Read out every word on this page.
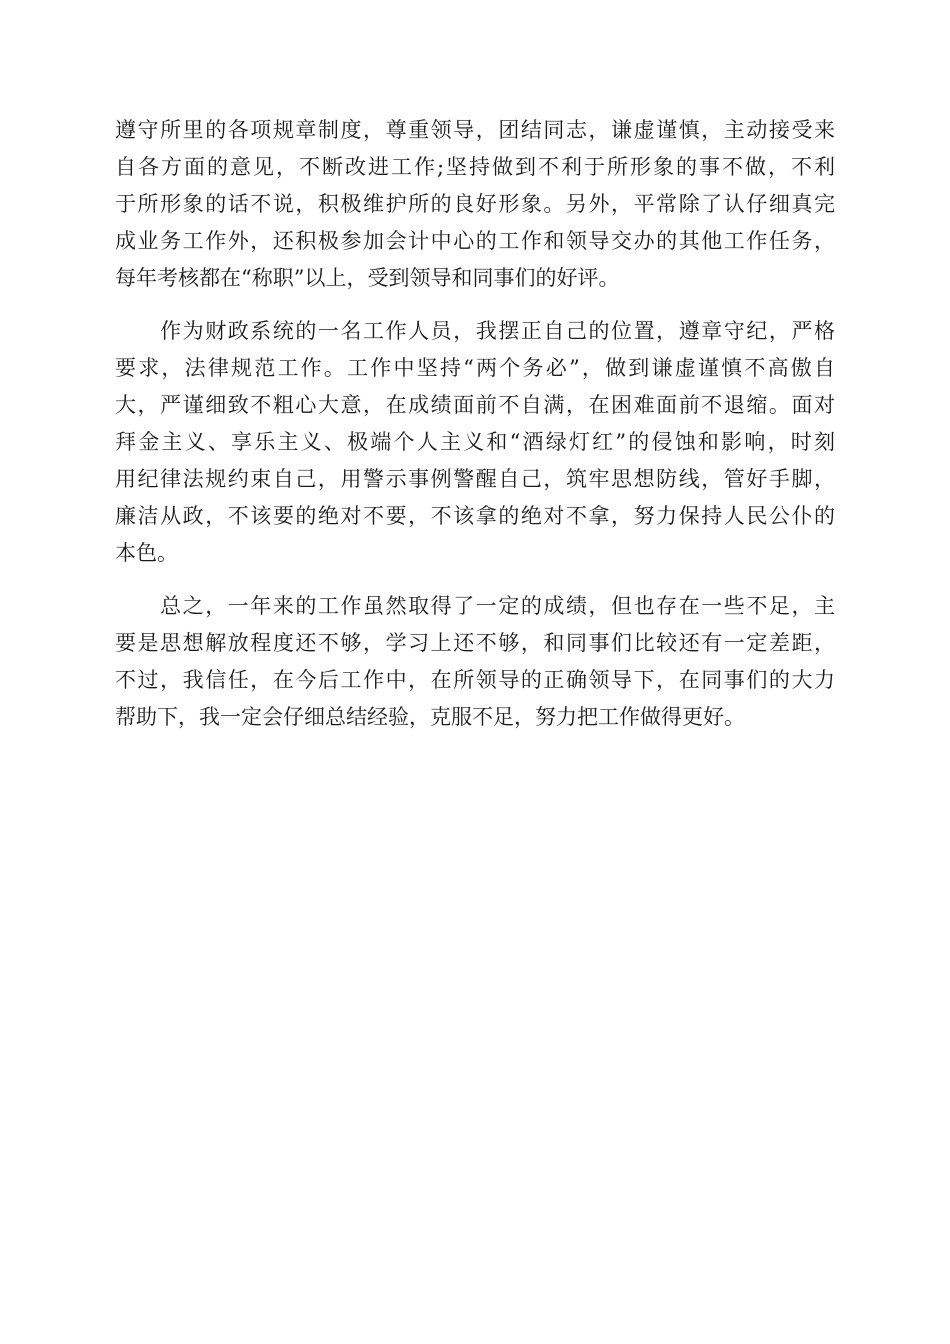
遵守所里的各项规章制度，尊重领导，团结同志，谦虚谨慎，主动接受来
自各方面的意见，不断改进工作;坚持做到不利于所形象的事不做，不利
于所形象的话不说，积极维护所的良好形象。另外，平常除了认仔细真完
成业务工作外，还积极参加会计中心的工作和领导交办的其他工作任务，
每年考核都在“称职”以上，受到领导和同事们的好评。

　　作为财政系统的一名工作人员，我摆正自己的位置，遵章守纪，严格
要求，法律规范工作。工作中坚持“两个务必”，做到谦虚谨慎不高傲自
大，严谨细致不粗心大意，在成绩面前不自满，在困难面前不退缩。面对
拜金主义、享乐主义、极端个人主义和“酒绿灯红”的侵蚀和影响，时刻
用纪律法规约束自己，用警示事例警醒自己，筑牢思想防线，管好手脚，
廉洁从政，不该要的绝对不要，不该拿的绝对不拿，努力保持人民公仆的
本色。

　　总之，一年来的工作虽然取得了一定的成绩，但也存在一些不足，主
要是思想解放程度还不够，学习上还不够，和同事们比较还有一定差距，
不过，我信任，在今后工作中，在所领导的正确领导下，在同事们的大力
帮助下，我一定会仔细总结经验，克服不足，努力把工作做得更好。
